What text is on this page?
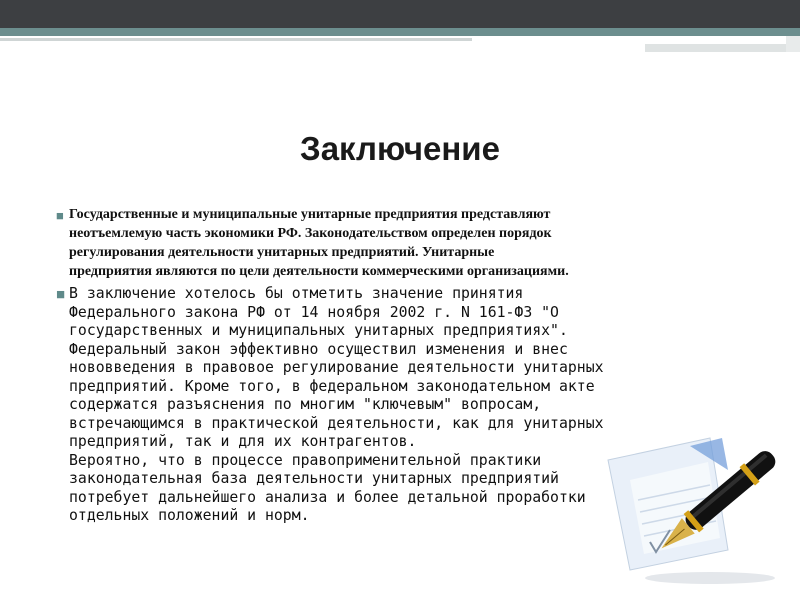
Заключение
■ Государственные и муниципальные унитарные предприятия представляют
неотъемлемую часть экономики РФ. Законодательством определен порядок
регулирования деятельности унитарных предприятий. Унитарные
предприятия являются по цели деятельности коммерческими организациями.
■ В заключение хотелось бы отметить значение принятия
Федерального закона РФ от 14 ноября 2002 г. N 161-ФЗ "О
государственных и муниципальных унитарных предприятиях".
Федеральный закон эффективно осуществил изменения и внес
нововведения в правовое регулирование деятельности унитарных
предприятий. Кроме того, в федеральном законодательном акте
содержатся разъяснения по многим "ключевым" вопросам,
встречающимся в практической деятельности, как для унитарных
предприятий, так и для их контрагентов.
Вероятно, что в процессе правоприменительной практики
законодательная база деятельности унитарных предприятий
потребует дальнейшего анализа и более детальной проработки
отдельных положений и норм.
